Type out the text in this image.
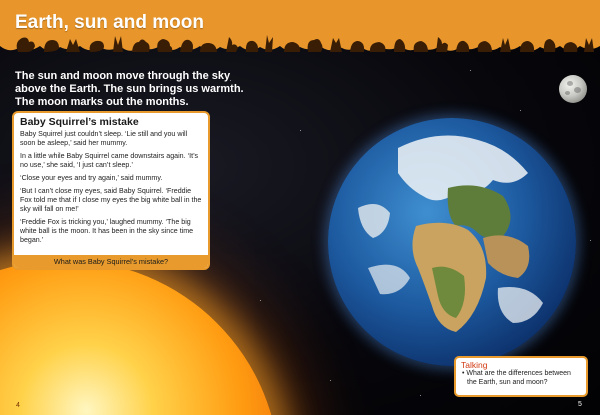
Earth, sun and moon
The sun and moon move through the sky
above the Earth. The sun brings us warmth.
The moon marks out the months.
Baby Squirrel’s mistake

Baby Squirrel just couldn’t sleep. ‘Lie still and you will soon be asleep,’ said her mummy.

In a little while Baby Squirrel came downstairs again. ‘It’s no use,’ she said, ‘I just can’t sleep.’

‘Close your eyes and try again,’ said mummy.

‘But I can’t close my eyes, said Baby Squirrel. ‘Freddie Fox told me that if I close my eyes the big white ball in the sky will fall on me!’

‘Freddie Fox is tricking you,’ laughed mummy. ‘The big white ball is the moon. It has been in the sky since time began.’

What was Baby Squirrel’s mistake?
Talking
• What are the differences between the Earth, sun and moon?
4	5
